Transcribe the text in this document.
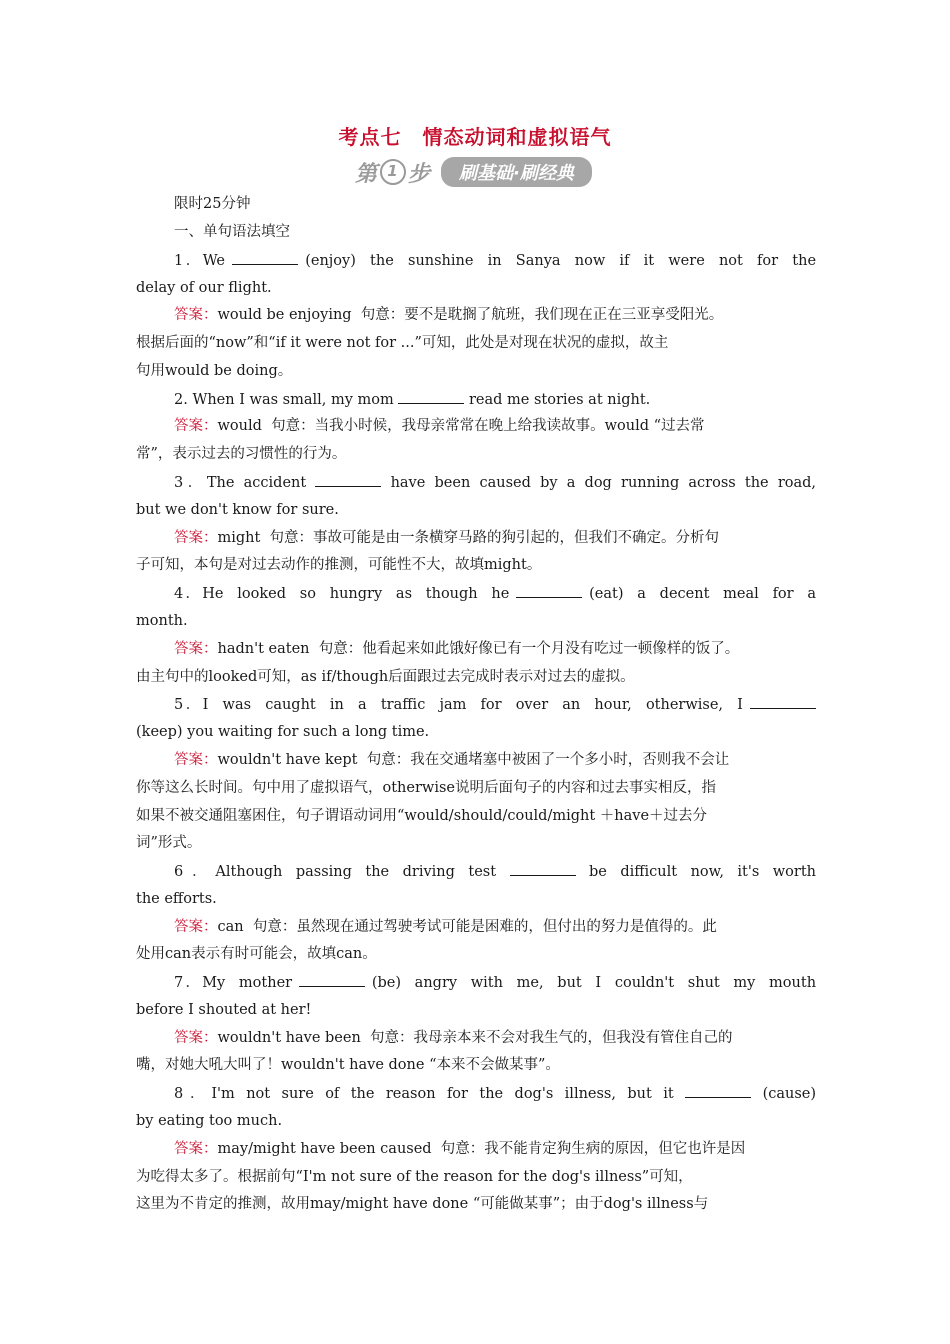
考点七　情态动词和虚拟语气
第 1 步	刷基础·刷经典
限时25分钟
一、单句语法填空
1．We	(enjoy)  the  sunshine  in  Sanya  now  if  it  were  not  for  the
delay of our flight.
答案：would be enjoying  句意：要不是耽搁了航班，我们现在正在三亚享受阳光。
根据后面的“now”和“if it were not for ...”可知，此处是对现在状况的虚拟，故主
句用would be doing。
2. When I was small, my mom	read me stories at night.
答案：would  句意：当我小时候，我母亲常常在晚上给我读故事。would “过去常
常”，表示过去的习惯性的行为。
3．The accident	have been caused by a dog running across the road,
but we don't know for sure.
答案：might  句意：事故可能是由一条横穿马路的狗引起的，但我们不确定。分析句
子可知，本句是对过去动作的推测，可能性不大，故填might。
4．He  looked  so  hungry  as  though  he	(eat)  a  decent  meal  for  a
month.
答案：hadn't eaten  句意：他看起来如此饿好像已有一个月没有吃过一顿像样的饭了。
由主句中的looked可知，as if/though后面跟过去完成时表示对过去的虚拟。
5．I  was  caught  in  a  traffic  jam  for  over  an  hour,  otherwise,  I
(keep) you waiting for such a long time.
答案：wouldn't have kept  句意：我在交通堵塞中被困了一个多小时，否则我不会让
你等这么长时间。句中用了虚拟语气，otherwise说明后面句子的内容和过去事实相反，指
如果不被交通阻塞困住，句子谓语动词用“would/should/could/might ＋have＋过去分
词”形式。
6．Although passing the driving test	be difficult now, it's worth
the efforts.
答案：can  句意：虽然现在通过驾驶考试可能是困难的，但付出的努力是值得的。此
处用can表示有时可能会，故填can。
7．My  mother	(be)  angry  with  me,  but  I  couldn't  shut  my  mouth
before I shouted at her!
答案：wouldn't have been  句意：我母亲本来不会对我生气的，但我没有管住自己的
嘴，对她大吼大叫了！wouldn't have done “本来不会做某事”。
8．I'm not sure of the reason for the dog's illness, but it	(cause)
by eating too much.
答案：may/might have been caused  句意：我不能肯定狗生病的原因，但它也许是因
为吃得太多了。根据前句“I'm not sure of the reason for the dog's illness”可知，
这里为不肯定的推测，故用may/might have done “可能做某事”；由于dog's illness与
